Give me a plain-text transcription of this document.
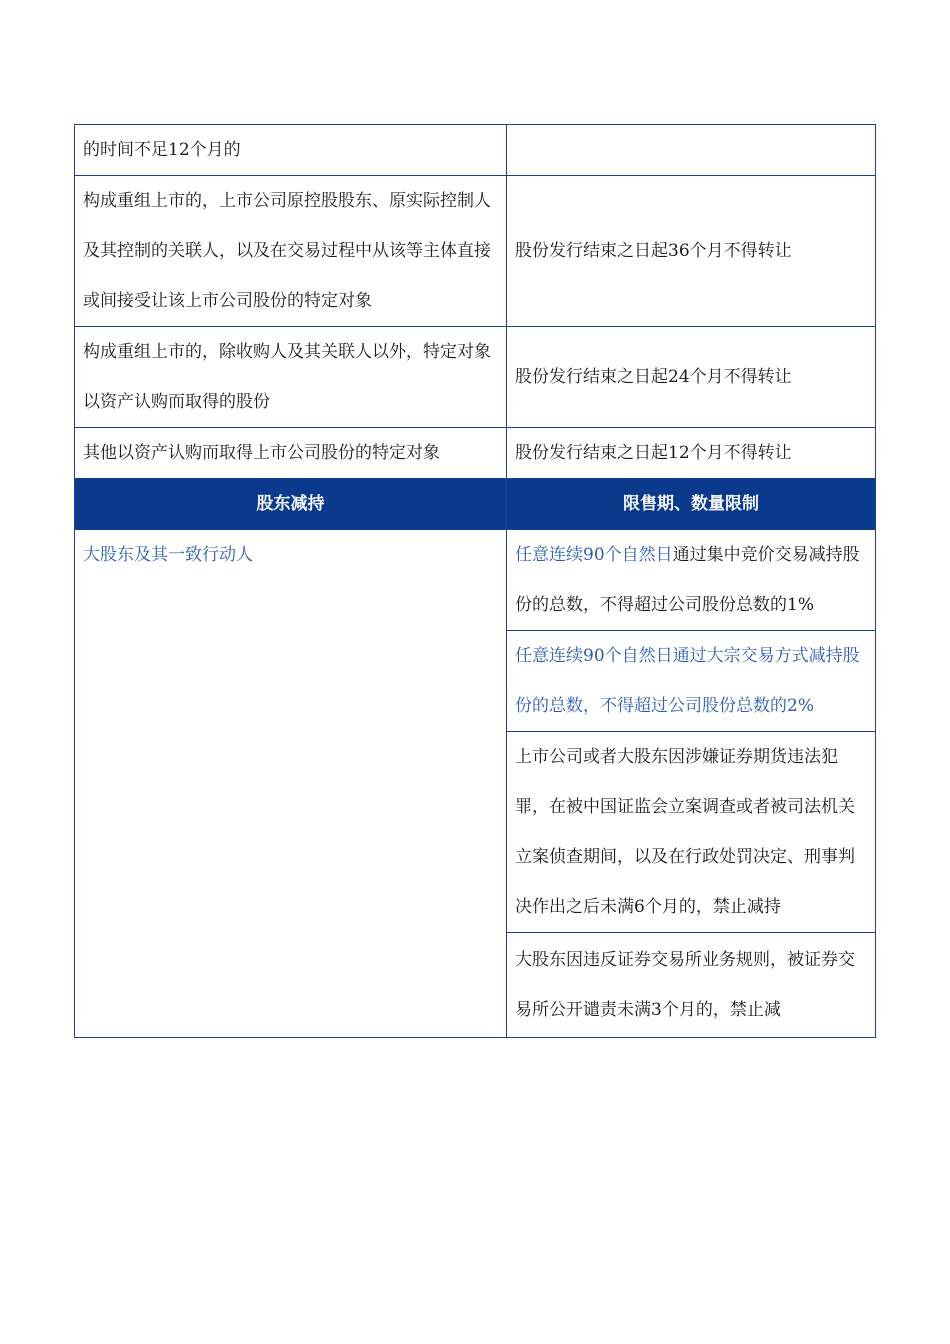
的时间不足12个月的	
构成重组上市的，上市公司原控股股东、原实际控制人及其控制的关联人，以及在交易过程中从该等主体直接或间接受让该上市公司股份的特定对象	股份发行结束之日起36个月不得转让
构成重组上市的，除收购人及其关联人以外，特定对象以资产认购而取得的股份	股份发行结束之日起24个月不得转让
其他以资产认购而取得上市公司股份的特定对象	股份发行结束之日起12个月不得转让
股东减持	限售期、数量限制
大股东及其一致行动人	任意连续90个自然日通过集中竞价交易减持股份的总数，不得超过公司股份总数的1%
	任意连续90个自然日通过大宗交易方式减持股份的总数，不得超过公司股份总数的2%
	上市公司或者大股东因涉嫌证券期货违法犯罪，在被中国证监会立案调查或者被司法机关立案侦查期间，以及在行政处罚决定、刑事判决作出之后未满6个月的，禁止减持
	大股东因违反证券交易所业务规则，被证券交易所公开谴责未满3个月的，禁止减
